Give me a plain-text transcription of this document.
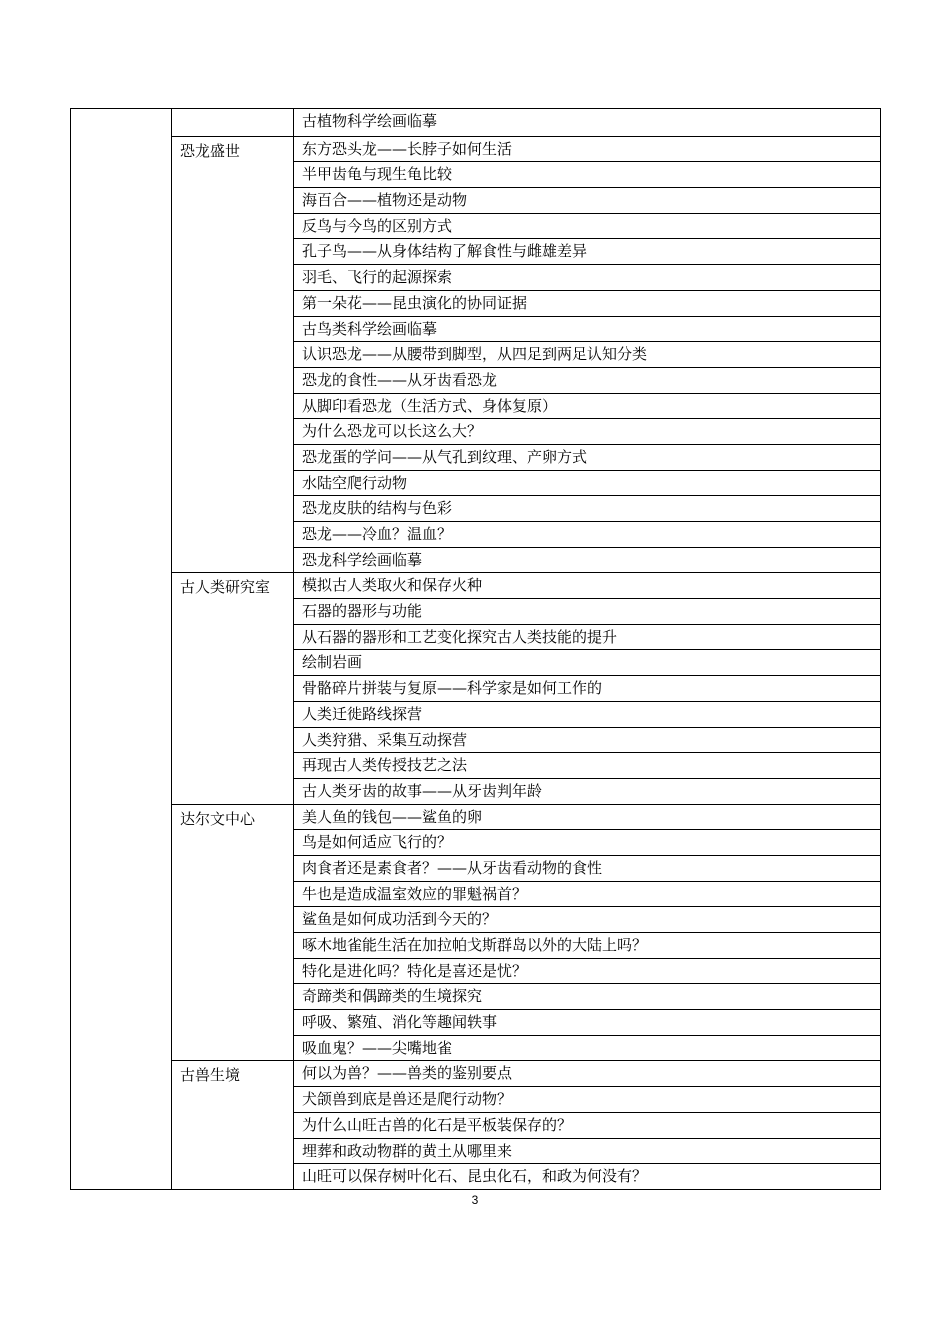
		古植物科学绘画临摹
	恐龙盛世	东方恐头龙——长脖子如何生活
		半甲齿龟与现生龟比较
		海百合——植物还是动物
		反鸟与今鸟的区别方式
		孔子鸟——从身体结构了解食性与雌雄差异
		羽毛、飞行的起源探索
		第一朵花——昆虫演化的协同证据
		古鸟类科学绘画临摹
		认识恐龙——从腰带到脚型，从四足到两足认知分类
		恐龙的食性——从牙齿看恐龙
		从脚印看恐龙（生活方式、身体复原）
		为什么恐龙可以长这么大？
		恐龙蛋的学问——从气孔到纹理、产卵方式
		水陆空爬行动物
		恐龙皮肤的结构与色彩
		恐龙——冷血？温血？
		恐龙科学绘画临摹
	古人类研究室	模拟古人类取火和保存火种
		石器的器形与功能
		从石器的器形和工艺变化探究古人类技能的提升
		绘制岩画
		骨骼碎片拼装与复原——科学家是如何工作的
		人类迁徙路线探营
		人类狩猎、采集互动探营
		再现古人类传授技艺之法
		古人类牙齿的故事——从牙齿判年龄
	达尔文中心	美人鱼的钱包——鲨鱼的卵
		鸟是如何适应飞行的？
		肉食者还是素食者？——从牙齿看动物的食性
		牛也是造成温室效应的罪魁祸首？
		鲨鱼是如何成功活到今天的？
		啄木地雀能生活在加拉帕戈斯群岛以外的大陆上吗？
		特化是进化吗？特化是喜还是忧？
		奇蹄类和偶蹄类的生境探究
		呼吸、繁殖、消化等趣闻轶事
		吸血鬼？——尖嘴地雀
	古兽生境	何以为兽？——兽类的鉴别要点
		犬颌兽到底是兽还是爬行动物？
		为什么山旺古兽的化石是平板装保存的？
		埋葬和政动物群的黄土从哪里来
		山旺可以保存树叶化石、昆虫化石，和政为何没有？
3
